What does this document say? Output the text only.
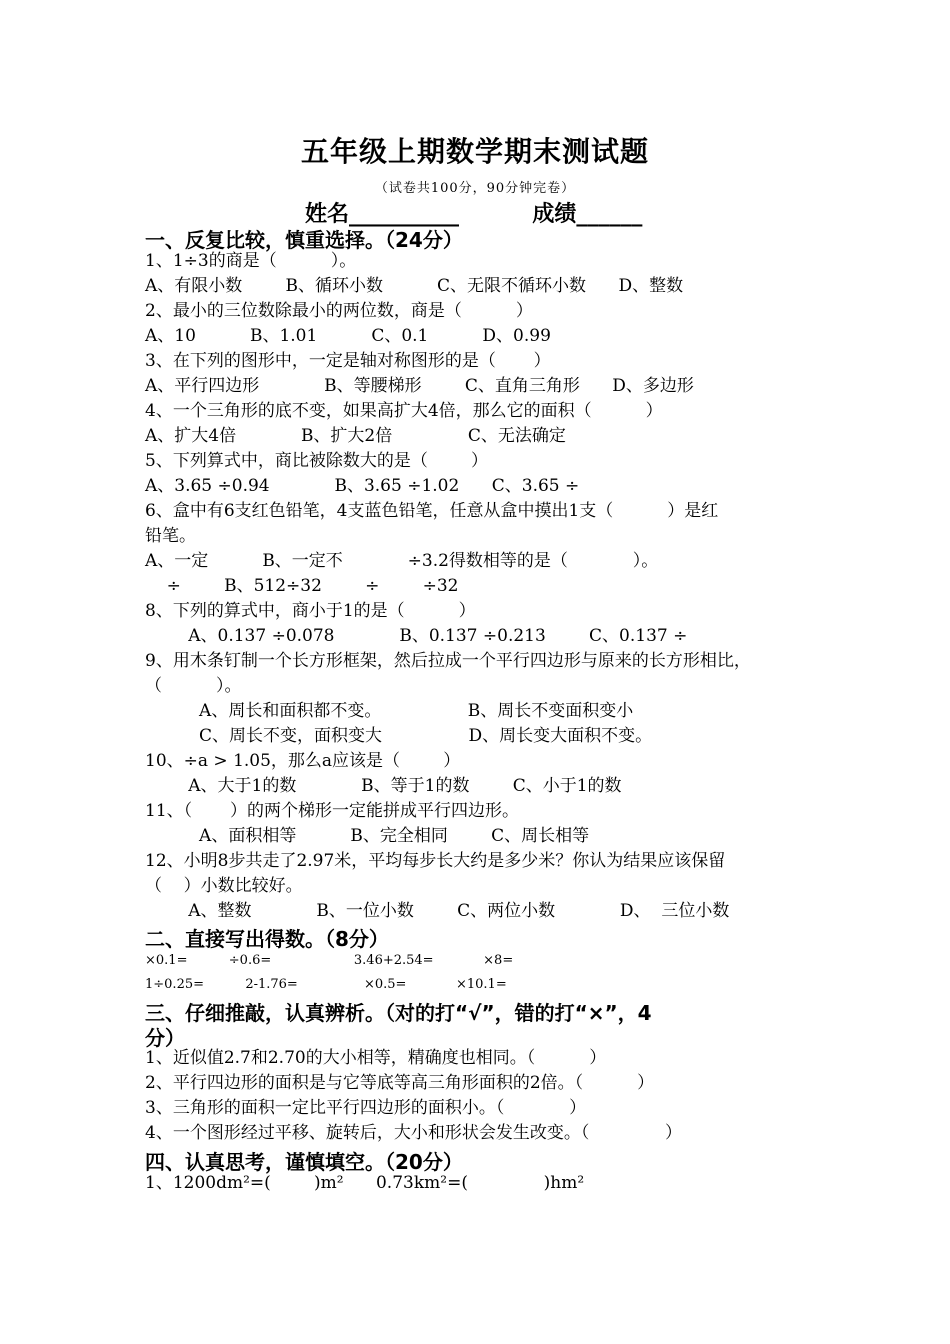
五年级上期数学期末测试题
（试卷共100分，90分钟完卷）
姓名__________	成绩______
一、反复比较，慎重选择。（24分）
1、1÷3的商是（          ）。
A、有限小数        B、循环小数          C、无限不循环小数      D、整数
2、最小的三位数除最小的两位数，商是（          ）
A、10          B、1.01          C、0.1          D、0.99
3、在下列的图形中，一定是轴对称图形的是（       ）
A、平行四边形            B、等腰梯形        C、直角三角形      D、多边形
4、一个三角形的底不变，如果高扩大4倍，那么它的面积（          ）
A、扩大4倍            B、扩大2倍              C、无法确定
5、下列算式中，商比被除数大的是（        ）
A、3.65 ÷0.94            B、3.65 ÷1.02      C、3.65 ÷
6、盒中有6支红色铅笔，4支蓝色铅笔，任意从盒中摸出1支（          ）是红
铅笔。
A、一定          B、一定不            ÷3.2得数相等的是（            ）。
÷        B、512÷32        ÷        ÷32
8、下列的算式中，商小于1的是（          ）
A、0.137 ÷0.078            B、0.137 ÷0.213        C、0.137 ÷
9、用木条钉制一个长方形框架，然后拉成一个平行四边形与原来的长方形相比，
（          ）。
A、周长和面积都不变。                B、周长不变面积变小
C、周长不变，面积变大                D、周长变大面积不变。
10、÷a > 1.05，那么a应该是（        ）
A、大于1的数            B、等于1的数        C、小于1的数
11、（       ）的两个梯形一定能拼成平行四边形。
A、面积相等          B、完全相同        C、周长相等
12、小明8步共走了2.97米，平均每步长大约是多少米？你认为结果应该保留
（    ）小数比较好。
A、整数            B、一位小数        C、两位小数            D、  三位小数
二、直接写出得数。（8分）
×0.1=          ÷0.6=                    3.46+2.54=            ×8=
1÷0.25=          2-1.76=                ×0.5=            ×10.1=
三、仔细推敲，认真辨析。（对的打“√”，错的打“×”，4
分）
1、近似值2.7和2.70的大小相等，精确度也相同。（          ）
2、平行四边形的面积是与它等底等高三角形面积的2倍。（          ）
3、三角形的面积一定比平行四边形的面积小。（            ）
4、一个图形经过平移、旋转后，大小和形状会发生改变。（              ）
四、认真思考，谨慎填空。（20分）
1、1200dm²=(        )m²      0.73km²=(              )hm²
